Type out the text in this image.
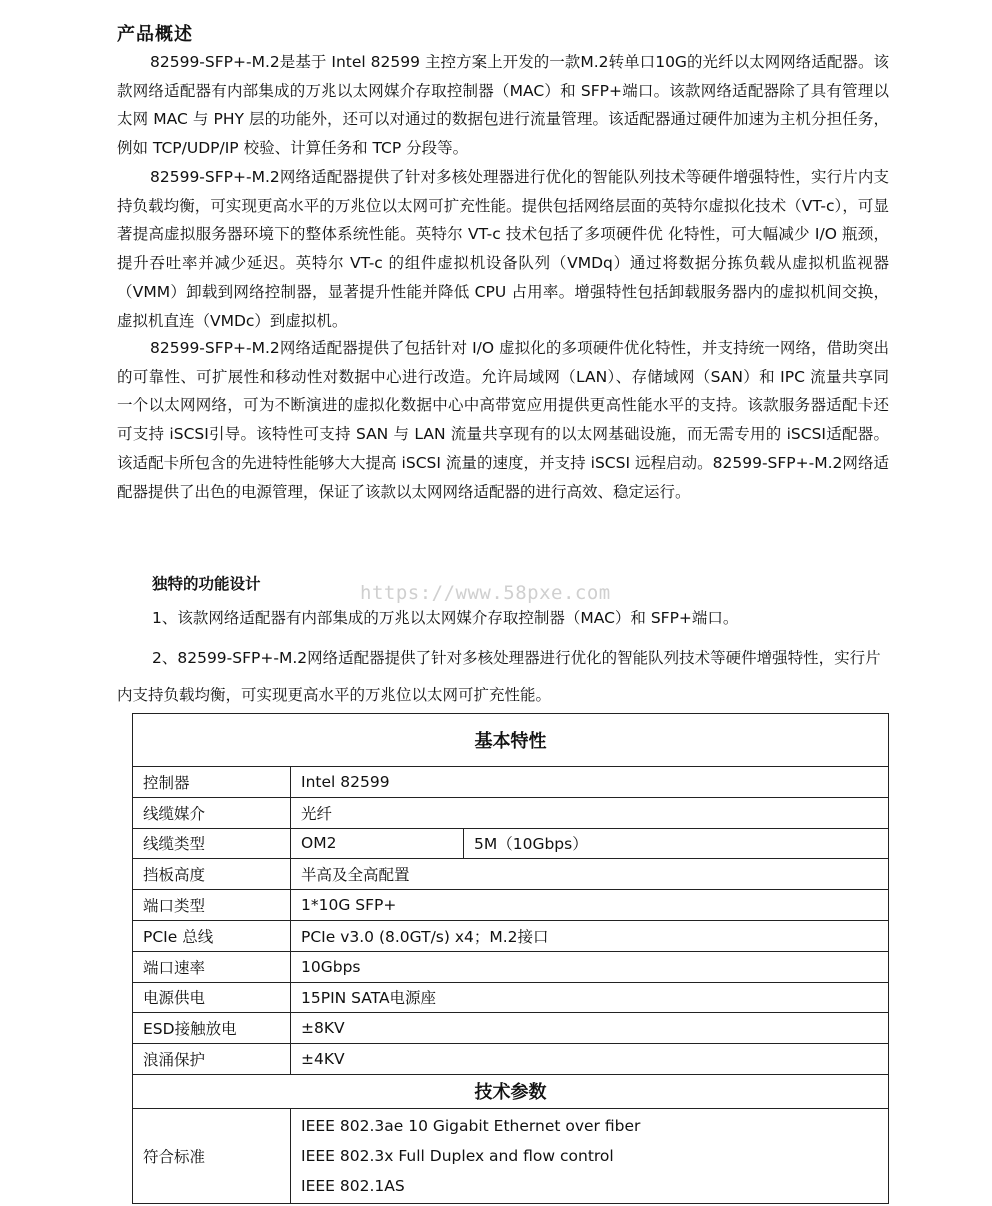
产品概述
82599-SFP+-M.2是基于 Intel 82599 主控方案上开发的一款M.2转单口10G的光纤以太网网络适配器。该款网络适配器有内部集成的万兆以太网媒介存取控制器（MAC）和 SFP+端口。该款网络适配器除了具有管理以太网 MAC 与 PHY 层的功能外，还可以对通过的数据包进行流量管理。该适配器通过硬件加速为主机分担任务，例如 TCP/UDP/IP 校验、计算任务和 TCP 分段等。
82599-SFP+-M.2网络适配器提供了针对多核处理器进行优化的智能队列技术等硬件增强特性，实行片内支持负载均衡，可实现更高水平的万兆位以太网可扩充性能。提供包括网络层面的英特尔虚拟化技术（VT-c），可显著提高虚拟服务器环境下的整体系统性能。英特尔 VT-c 技术包括了多项硬件优 化特性，可大幅减少 I/O 瓶颈，提升吞吐率并减少延迟。英特尔 VT-c 的组件虚拟机设备队列（VMDq）通过将数据分拣负载从虚拟机监视器（VMM）卸载到网络控制器，显著提升性能并降低 CPU 占用率。增强特性包括卸载服务器内的虚拟机间交换，虚拟机直连（VMDc）到虚拟机。
82599-SFP+-M.2网络适配器提供了包括针对 I/O 虚拟化的多项硬件优化特性，并支持统一网络，借助突出的可靠性、可扩展性和移动性对数据中心进行改造。允许局域网（LAN）、存储域网（SAN）和 IPC 流量共享同一个以太网网络，可为不断演进的虚拟化数据中心中高带宽应用提供更高性能水平的支持。该款服务器适配卡还可支持 iSCSI引导。该特性可支持 SAN 与 LAN 流量共享现有的以太网基础设施，而无需专用的 iSCSI适配器。该适配卡所包含的先进特性能够大大提高 iSCSI 流量的速度，并支持 iSCSI 远程启动。82599-SFP+-M.2网络适配器提供了出色的电源管理，保证了该款以太网网络适配器的进行高效、稳定运行。
独特的功能设计	https://www.58pxe.com
1、该款网络适配器有内部集成的万兆以太网媒介存取控制器（MAC）和 SFP+端口。
2、82599-SFP+-M.2网络适配器提供了针对多核处理器进行优化的智能队列技术等硬件增强特性，实行片内支持负载均衡，可实现更高水平的万兆位以太网可扩充性能。
基本特性		
控制器	Intel 82599	
线缆媒介	光纤	
线缆类型	OM2	5M（10Gbps）
挡板高度	半高及全高配置	
端口类型	1*10G SFP+	
PCIe 总线	PCIe v3.0 (8.0GT/s) x4；M.2接口	
端口速率	10Gbps	
电源供电	15PIN SATA电源座	
ESD接触放电	±8KV	
浪涌保护	±4KV	
技术参数		
符合标准	IEEE 802.3ae 10 Gigabit Ethernet over fiber
IEEE 802.3x Full Duplex and flow control
IEEE 802.1AS	
